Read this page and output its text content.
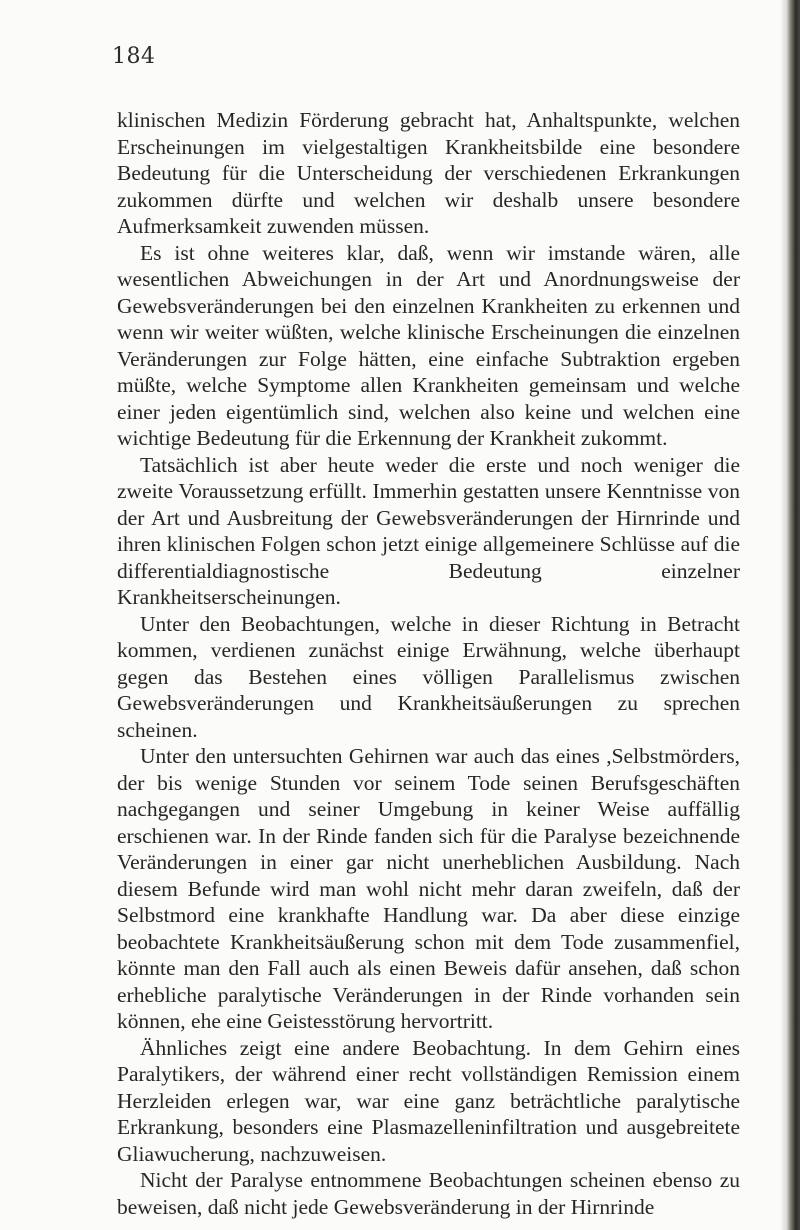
184

klinischen Medizin Förderung gebracht hat, Anhaltspunkte, welchen Erscheinungen im vielgestaltigen Krankheitsbilde eine besondere Bedeutung für die Unterscheidung der verschiedenen Erkrankungen zukommen dürfte und welchen wir deshalb unsere besondere Aufmerksamkeit zuwenden müssen.

Es ist ohne weiteres klar, daß, wenn wir imstande wären, alle wesentlichen Abweichungen in der Art und Anordnungsweise der Gewebsveränderungen bei den einzelnen Krankheiten zu erkennen und wenn wir weiter wüßten, welche klinische Erscheinungen die einzelnen Veränderungen zur Folge hätten, eine einfache Subtraktion ergeben müßte, welche Symptome allen Krankheiten gemeinsam und welche einer jeden eigentümlich sind, welchen also keine und welchen eine wichtige Bedeutung für die Erkennung der Krankheit zukommt.

Tatsächlich ist aber heute weder die erste und noch weniger die zweite Voraussetzung erfüllt. Immerhin gestatten unsere Kenntnisse von der Art und Ausbreitung der Gewebsveränderungen der Hirnrinde und ihren klinischen Folgen schon jetzt einige allgemeinere Schlüsse auf die differentialdiagnostische Bedeutung einzelner Krankheitserscheinungen.

Unter den Beobachtungen, welche in dieser Richtung in Betracht kommen, verdienen zunächst einige Erwähnung, welche überhaupt gegen das Bestehen eines völligen Parallelismus zwischen Gewebsveränderungen und Krankheitsäußerungen zu sprechen scheinen.

Unter den untersuchten Gehirnen war auch das eines ,Selbstmörders, der bis wenige Stunden vor seinem Tode seinen Berufsgeschäften nachgegangen und seiner Umgebung in keiner Weise auffällig erschienen war. In der Rinde fanden sich für die Paralyse bezeichnende Veränderungen in einer gar nicht unerheblichen Ausbildung. Nach diesem Befunde wird man wohl nicht mehr daran zweifeln, daß der Selbstmord eine krankhafte Handlung war. Da aber diese einzige beobachtete Krankheitsäußerung schon mit dem Tode zusammenfiel, könnte man den Fall auch als einen Beweis dafür ansehen, daß schon erhebliche paralytische Veränderungen in der Rinde vorhanden sein können, ehe eine Geistesstörung hervortritt.

Ähnliches zeigt eine andere Beobachtung. In dem Gehirn eines Paralytikers, der während einer recht vollständigen Remission einem Herzleiden erlegen war, war eine ganz beträchtliche paralytische Erkrankung, besonders eine Plasmazelleninfiltration und ausgebreitete Gliawucherung, nachzuweisen.

Nicht der Paralyse entnommene Beobachtungen scheinen ebenso zu beweisen, daß nicht jede Gewebsveränderung in der Hirnrinde
